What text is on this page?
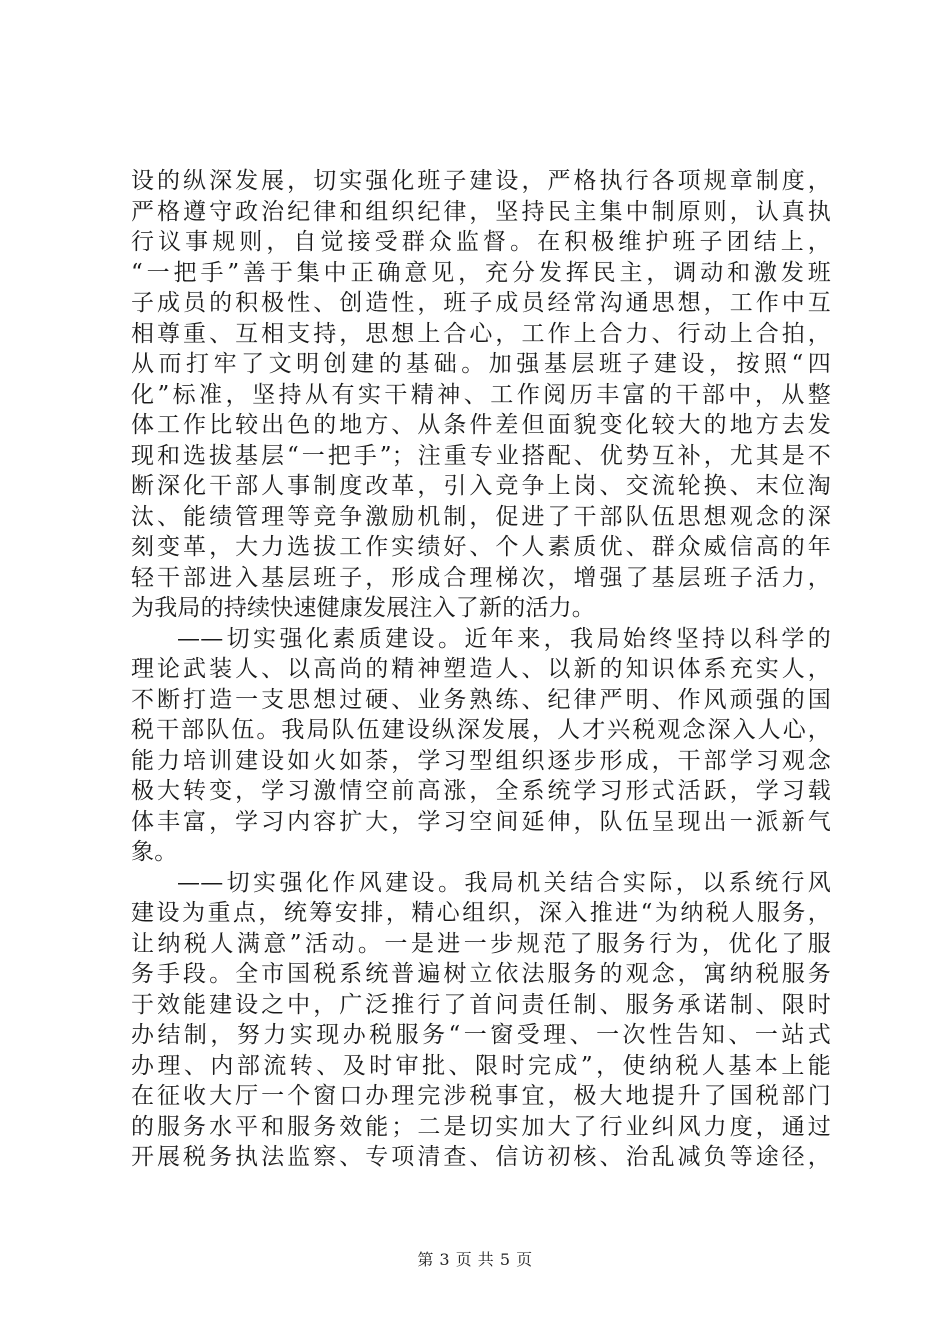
设的纵深发展，切实强化班子建设，严格执行各项规章制度，
严格遵守政治纪律和组织纪律，坚持民主集中制原则，认真执
行议事规则，自觉接受群众监督。在积极维护班子团结上，
“一把手”善于集中正确意见，充分发挥民主，调动和激发班
子成员的积极性、创造性，班子成员经常沟通思想，工作中互
相尊重、互相支持，思想上合心，工作上合力、行动上合拍，
从而打牢了文明创建的基础。加强基层班子建设，按照“四
化”标准，坚持从有实干精神、工作阅历丰富的干部中，从整
体工作比较出色的地方、从条件差但面貌变化较大的地方去发
现和选拔基层“一把手”；注重专业搭配、优势互补，尤其是不
断深化干部人事制度改革，引入竞争上岗、交流轮换、末位淘
汰、能绩管理等竞争激励机制，促进了干部队伍思想观念的深
刻变革，大力选拔工作实绩好、个人素质优、群众威信高的年
轻干部进入基层班子，形成合理梯次，增强了基层班子活力，
为我局的持续快速健康发展注入了新的活力。
——切实强化素质建设。近年来，我局始终坚持以科学的
理论武装人、以高尚的精神塑造人、以新的知识体系充实人，
不断打造一支思想过硬、业务熟练、纪律严明、作风顽强的国
税干部队伍。我局队伍建设纵深发展，人才兴税观念深入人心，
能力培训建设如火如荼，学习型组织逐步形成，干部学习观念
极大转变，学习激情空前高涨，全系统学习形式活跃，学习载
体丰富，学习内容扩大，学习空间延伸，队伍呈现出一派新气
象。
——切实强化作风建设。我局机关结合实际，以系统行风
建设为重点，统筹安排，精心组织，深入推进“为纳税人服务，
让纳税人满意”活动。一是进一步规范了服务行为，优化了服
务手段。全市国税系统普遍树立依法服务的观念，寓纳税服务
于效能建设之中，广泛推行了首问责任制、服务承诺制、限时
办结制，努力实现办税服务“一窗受理、一次性告知、一站式
办理、内部流转、及时审批、限时完成”，使纳税人基本上能
在征收大厅一个窗口办理完涉税事宜，极大地提升了国税部门
的服务水平和服务效能；二是切实加大了行业纠风力度，通过
开展税务执法监察、专项清查、信访初核、治乱减负等途径，
第 3 页 共 5 页
